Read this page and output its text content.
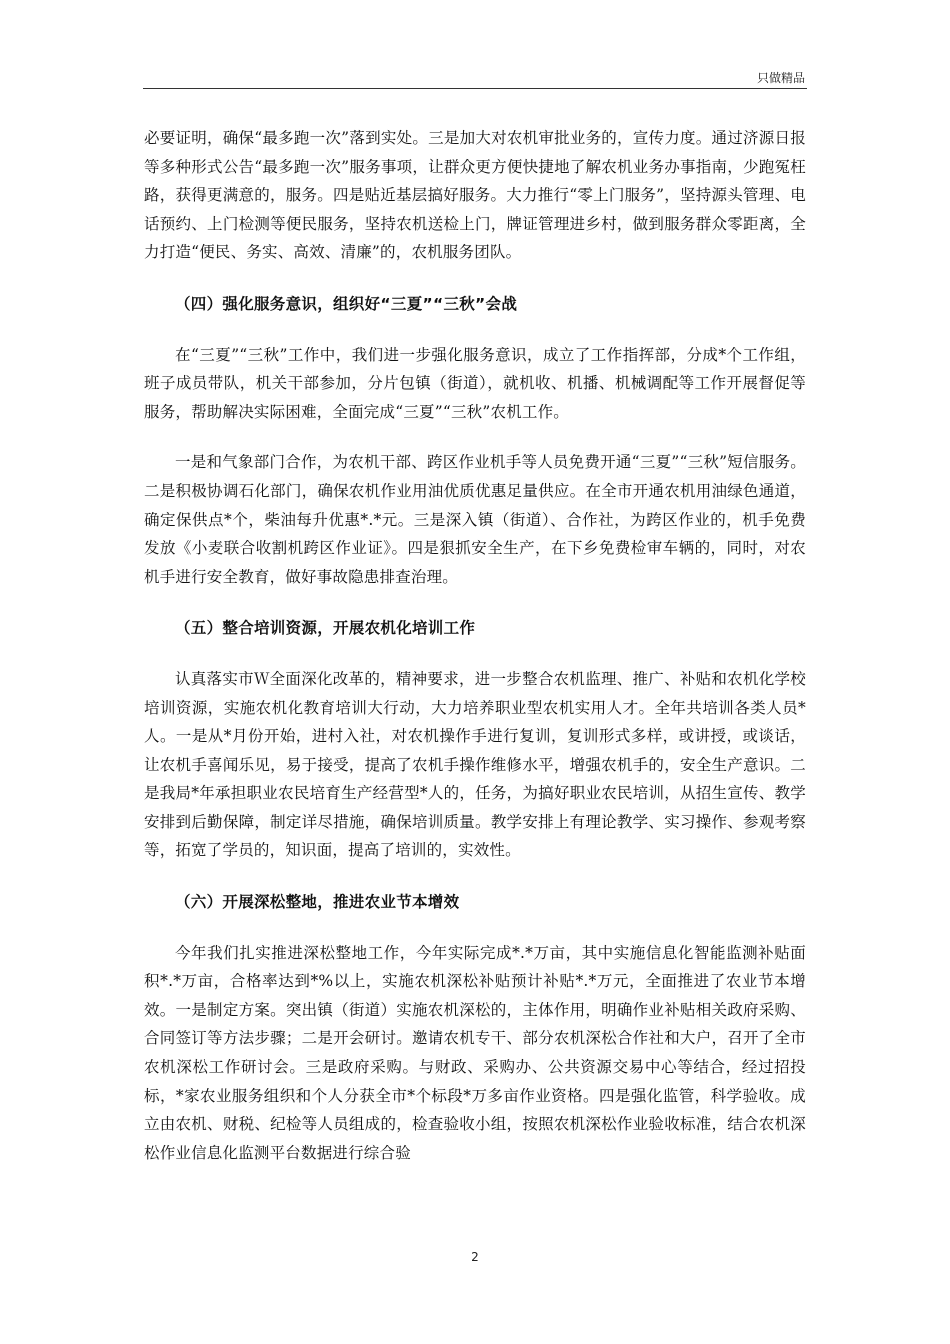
只做精品

必要证明，确保“最多跑一次”落到实处。三是加大对农机审批业务的，宣传力度。通过济源日报等多种形式公告“最多跑一次”服务事项，让群众更方便快捷地了解农机业务办事指南，少跑冤枉路，获得更满意的，服务。四是贴近基层搞好服务。大力推行“零上门服务”，坚持源头管理、电话预约、上门检测等便民服务，坚持农机送检上门，牌证管理进乡村，做到服务群众零距离，全力打造“便民、务实、高效、清廉”的，农机服务团队。

（四）强化服务意识，组织好“三夏”“三秋”会战

在“三夏”“三秋”工作中，我们进一步强化服务意识，成立了工作指挥部，分成*个工作组，班子成员带队，机关干部参加，分片包镇（街道），就机收、机播、机械调配等工作开展督促等服务，帮助解决实际困难，全面完成“三夏”“三秋”农机工作。

一是和气象部门合作，为农机干部、跨区作业机手等人员免费开通“三夏”“三秋”短信服务。二是积极协调石化部门，确保农机作业用油优质优惠足量供应。在全市开通农机用油绿色通道，确定保供点*个，柴油每升优惠*.*元。三是深入镇（街道）、合作社，为跨区作业的，机手免费发放《小麦联合收割机跨区作业证》。四是狠抓安全生产，在下乡免费检审车辆的，同时，对农机手进行安全教育，做好事故隐患排查治理。

（五）整合培训资源，开展农机化培训工作

认真落实市Ｗ全面深化改革的，精神要求，进一步整合农机监理、推广、补贴和农机化学校培训资源，实施农机化教育培训大行动，大力培养职业型农机实用人才。全年共培训各类人员*人。一是从*月份开始，进村入社，对农机操作手进行复训，复训形式多样，或讲授，或谈话，让农机手喜闻乐见，易于接受，提高了农机手操作维修水平，增强农机手的，安全生产意识。二是我局*年承担职业农民培育生产经营型*人的，任务，为搞好职业农民培训，从招生宣传、教学安排到后勤保障，制定详尽措施，确保培训质量。教学安排上有理论教学、实习操作、参观考察等，拓宽了学员的，知识面，提高了培训的，实效性。

（六）开展深松整地，推进农业节本增效

今年我们扎实推进深松整地工作，今年实际完成*.*万亩，其中实施信息化智能监测补贴面积*.*万亩，合格率达到*%以上，实施农机深松补贴预计补贴*.*万元，全面推进了农业节本增效。一是制定方案。突出镇（街道）实施农机深松的，主体作用，明确作业补贴相关政府采购、合同签订等方法步骤；二是开会研讨。邀请农机专干、部分农机深松合作社和大户，召开了全市农机深松工作研讨会。三是政府采购。与财政、采购办、公共资源交易中心等结合，经过招投标，*家农业服务组织和个人分获全市*个标段*万多亩作业资格。四是强化监管，科学验收。成立由农机、财税、纪检等人员组成的，检查验收小组，按照农机深松作业验收标准，结合农机深松作业信息化监测平台数据进行综合验

2
